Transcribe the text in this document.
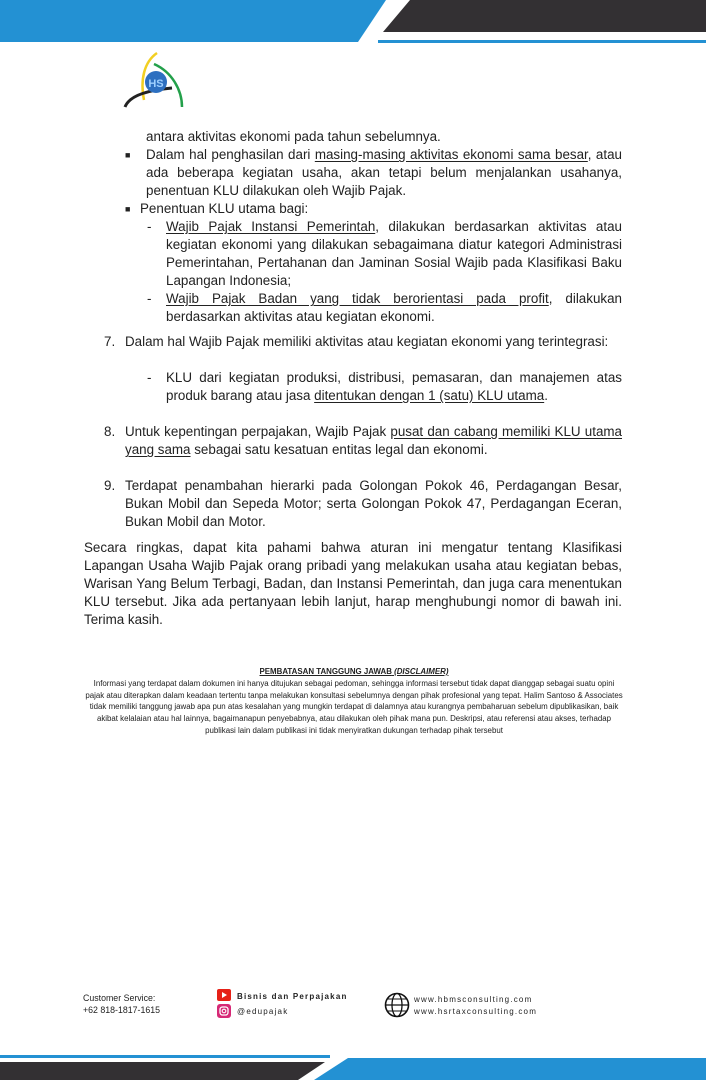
HS
antara aktivitas ekonomi pada tahun sebelumnya.
■ Dalam hal penghasilan dari masing-masing aktivitas ekonomi sama besar, atau ada beberapa kegiatan usaha, akan tetapi belum menjalankan usahanya, penentuan KLU dilakukan oleh Wajib Pajak.
■ Penentuan KLU utama bagi:
- Wajib Pajak Instansi Pemerintah, dilakukan berdasarkan aktivitas atau kegiatan ekonomi yang dilakukan sebagaimana diatur kategori Administrasi Pemerintahan, Pertahanan dan Jaminan Sosial Wajib pada Klasifikasi Baku Lapangan Indonesia;
- Wajib Pajak Badan yang tidak berorientasi pada profit, dilakukan berdasarkan aktivitas atau kegiatan ekonomi.
7. Dalam hal Wajib Pajak memiliki aktivitas atau kegiatan ekonomi yang terintegrasi:
- KLU dari kegiatan produksi, distribusi, pemasaran, dan manajemen atas produk barang atau jasa ditentukan dengan 1 (satu) KLU utama.
8. Untuk kepentingan perpajakan, Wajib Pajak pusat dan cabang memiliki KLU utama yang sama sebagai satu kesatuan entitas legal dan ekonomi.
9. Terdapat penambahan hierarki pada Golongan Pokok 46, Perdagangan Besar, Bukan Mobil dan Sepeda Motor; serta Golongan Pokok 47, Perdagangan Eceran, Bukan Mobil dan Motor.
Secara ringkas, dapat kita pahami bahwa aturan ini mengatur tentang Klasifikasi Lapangan Usaha Wajib Pajak orang pribadi yang melakukan usaha atau kegiatan bebas, Warisan Yang Belum Terbagi, Badan, dan Instansi Pemerintah, dan juga cara menentukan KLU tersebut. Jika ada pertanyaan lebih lanjut, harap menghubungi nomor di bawah ini. Terima kasih.
PEMBATASAN TANGGUNG JAWAB (DISCLAIMER)
Informasi yang terdapat dalam dokumen ini hanya ditujukan sebagai pedoman, sehingga informasi tersebut tidak dapat dianggap sebagai suatu opini pajak atau diterapkan dalam keadaan tertentu tanpa melakukan konsultasi sebelumnya dengan pihak profesional yang tepat. Halim Santoso & Associates tidak memiliki tanggung jawab apa pun atas kesalahan yang mungkin terdapat di dalamnya atau kurangnya pembaharuan sebelum dipublikasikan, baik akibat kelalaian atau hal lainnya, bagaimanapun penyebabnya, atau dilakukan oleh pihak mana pun. Deskripsi, atau referensi atau akses, terhadap publikasi lain dalam publikasi ini tidak menyiratkan dukungan terhadap pihak tersebut
Customer Service:
+62 818-1817-1615
Bisnis dan Perpajakan
@edupajak
www.hbmsconsulting.com
www.hsrtaxconsulting.com
